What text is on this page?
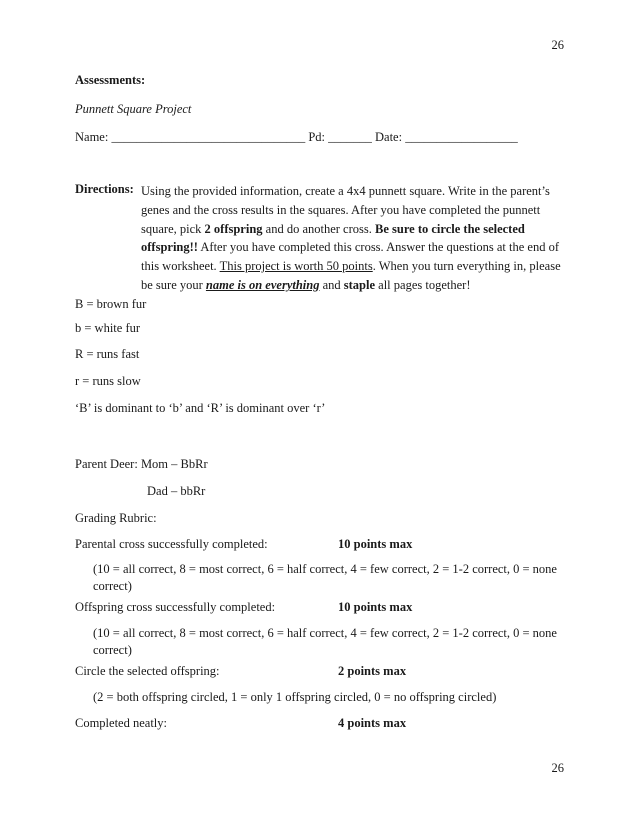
26
Assessments:
Punnett Square Project
Name: _______________________________ Pd: _______ Date: __________________
Directions: Using the provided information, create a 4x4 punnett square. Write in the parent’s genes and the cross results in the squares. After you have completed the punnett square, pick 2 offspring and do another cross. Be sure to circle the selected offspring!! After you have completed this cross. Answer the questions at the end of this worksheet. This project is worth 50 points. When you turn everything in, please be sure your name is on everything and staple all pages together!
B = brown fur
b = white fur
R = runs fast
r = runs slow
‘B’ is dominant to ‘b’ and ‘R’ is dominant over ‘r’
Parent Deer: Mom – BbRr
Dad – bbRr
Grading Rubric:
Parental cross successfully completed:	10 points max
(10 = all correct, 8 = most correct, 6 = half correct, 4 = few correct, 2 = 1-2 correct, 0 = none correct)
Offspring cross successfully completed:	10 points max
(10 = all correct, 8 = most correct, 6 = half correct, 4 = few correct, 2 = 1-2 correct, 0 = none correct)
Circle the selected offspring:	2 points max
(2 = both offspring circled, 1 = only 1 offspring circled, 0 = no offspring circled)
Completed neatly:	4 points max
26
